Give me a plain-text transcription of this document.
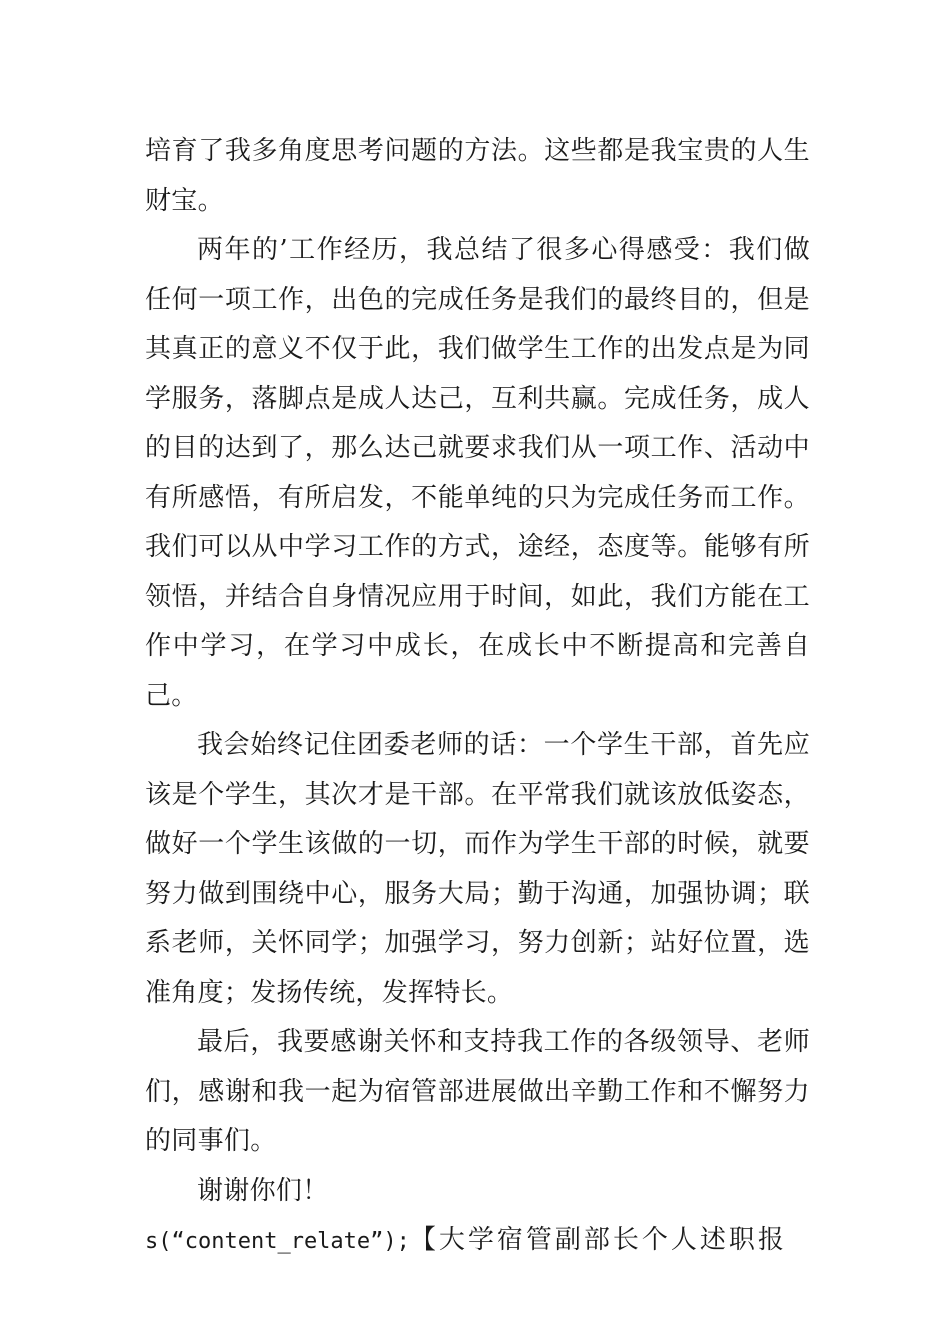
培育了我多角度思考问题的方法。这些都是我宝贵的人生财宝。

两年的’工作经历，我总结了很多心得感受：我们做任何一项工作，出色的完成任务是我们的最终目的，但是其真正的意义不仅于此，我们做学生工作的出发点是为同学服务，落脚点是成人达己，互利共赢。完成任务，成人的目的达到了，那么达己就要求我们从一项工作、活动中有所感悟，有所启发，不能单纯的只为完成任务而工作。我们可以从中学习工作的方式，途经，态度等。能够有所领悟，并结合自身情况应用于时间，如此，我们方能在工作中学习，在学习中成长，在成长中不断提高和完善自己。

我会始终记住团委老师的话：一个学生干部，首先应该是个学生，其次才是干部。在平常我们就该放低姿态，做好一个学生该做的一切，而作为学生干部的时候，就要努力做到围绕中心，服务大局；勤于沟通，加强协调；联系老师，关怀同学；加强学习，努力创新；站好位置，选准角度；发扬传统，发挥特长。

最后，我要感谢关怀和支持我工作的各级领导、老师们，感谢和我一起为宿管部进展做出辛勤工作和不懈努力的同事们。

谢谢你们！

s(“content_relate”);【大学宿管副部长个人述职报
